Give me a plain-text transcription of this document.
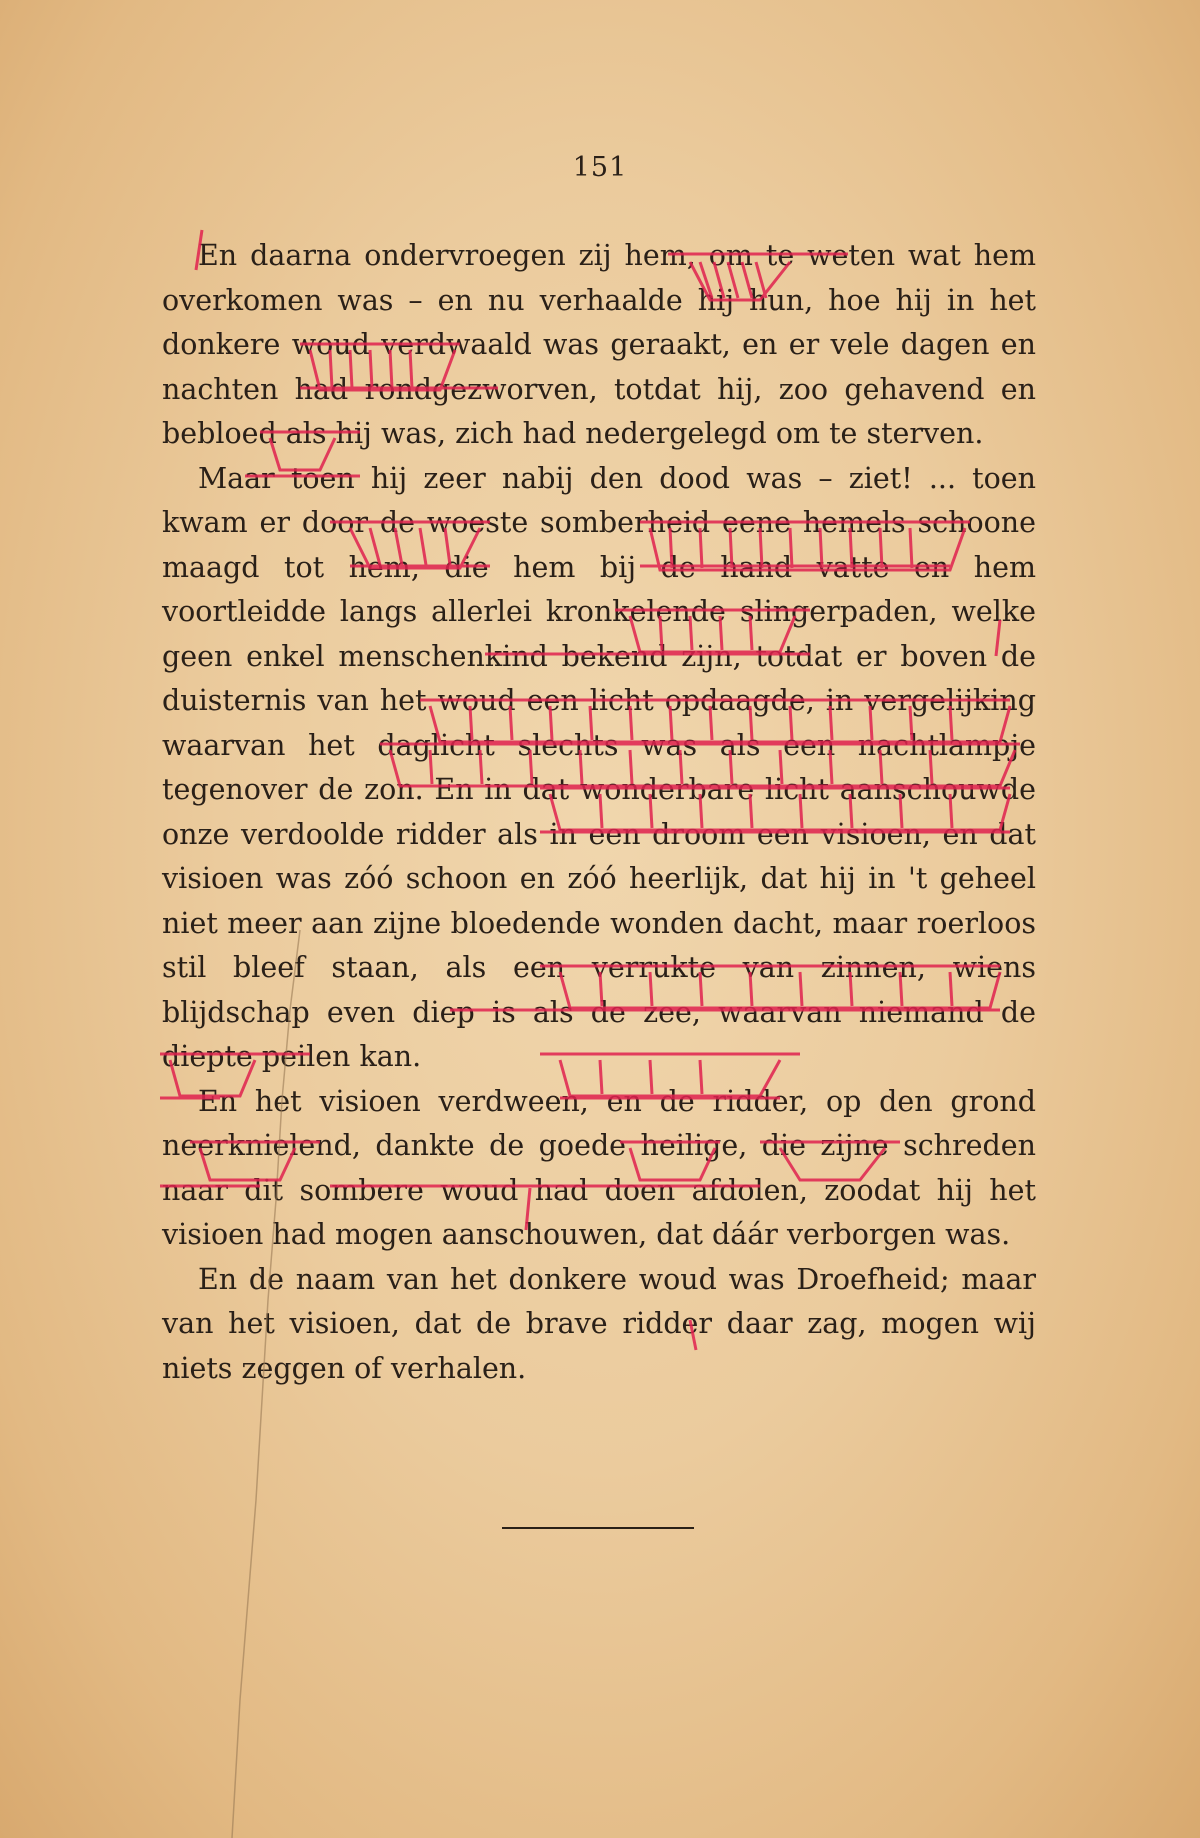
151

En daarna ondervroegen zij hem, om te weten wat hem overkomen was – en nu verhaalde hij hun, hoe hij in het donkere woud verdwaald was geraakt, en er vele dagen en nachten had rondgezworven, totdat hij, zoo gehavend en bebloed als hij was, zich had nedergelegd om te sterven.

Maar toen hij zeer nabij den dood was – ziet! ... toen kwam er door de woeste somberheid eene hemels schoone maagd tot hem, die hem bij de hand vatte en hem voortleidde langs allerlei kronkelende slingerpaden, welke geen enkel menschenkind bekend zijn, totdat er boven de duisternis van het woud een licht opdaagde, in vergelijking waarvan het daglicht slechts was als een nachtlampje tegenover de zon. En in dat wonderbare licht aanschouwde onze verdoolde ridder als in een droom een visioen, en dat visioen was zóó schoon en zóó heerlijk, dat hij in 't geheel niet meer aan zijne bloedende wonden dacht, maar roerloos stil bleef staan, als een verrukte van zinnen, wiens blijdschap even diep is als de zee, waarvan niemand de diepte peilen kan.

En het visioen verdween, en de ridder, op den grond neerknielend, dankte de goede heilige, die zijne schreden naar dit sombere woud had doen afdolen, zoodat hij het visioen had mogen aanschouwen, dat dáár verborgen was.

En de naam van het donkere woud was Droefheid; maar van het visioen, dat de brave ridder daar zag, mogen wij niets zeggen of verhalen.
